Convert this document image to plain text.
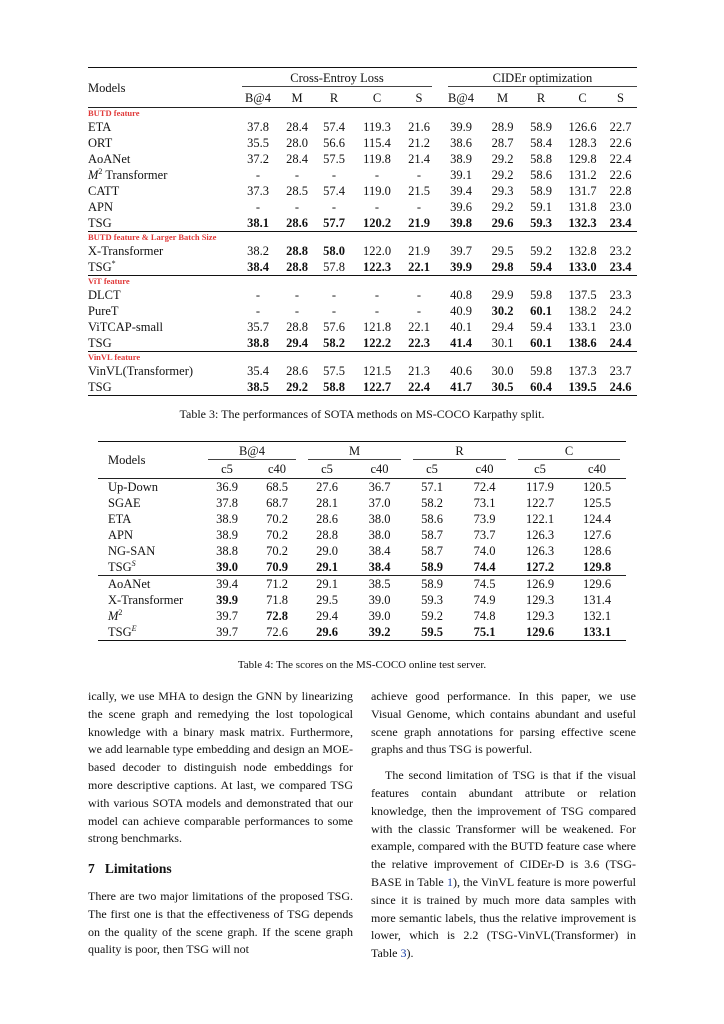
Models	Cross-Entroy Loss					CIDEr optimization				

	B@4	M	R	C	S	B@4	M	R	C	S
BUTD feature										
ETA	37.8	28.4	57.4	119.3	21.6	39.9	28.9	58.9	126.6	22.7
ORT	35.5	28.0	56.6	115.4	21.2	38.6	28.7	58.4	128.3	22.6
AoANet	37.2	28.4	57.5	119.8	21.4	38.9	29.2	58.8	129.8	22.4
$M^2$ Transformer	-	-	-	-	-	39.1	29.2	58.6	131.2	22.6
CATT	37.3	28.5	57.4	119.0	21.5	39.4	29.3	58.9	131.7	22.8
APN	-	-	-	-	-	39.6	29.2	59.1	131.8	23.0
TSG	38.1	28.6	57.7	120.2	21.9	39.8	29.6	59.3	132.3	23.4
BUTD feature & Larger Batch Size										
X-Transformer	38.2	28.8	58.0	122.0	21.9	39.7	29.5	59.2	132.8	23.2
TSG*	38.4	28.8	57.8	122.3	22.1	39.9	29.8	59.4	133.0	23.4
ViT feature										
DLCT	-	-	-	-	-	40.8	29.9	59.8	137.5	23.3
PureT	-	-	-	-	-	40.9	30.2	60.1	138.2	24.2
ViTCAP-small	35.7	28.8	57.6	121.8	22.1	40.1	29.4	59.4	133.1	23.0
TSG	38.8	29.4	58.2	122.2	22.3	41.4	30.1	60.1	138.6	24.4
VinVL feature										
VinVL(Transformer)	35.4	28.6	57.5	121.5	21.3	40.6	30.0	59.8	137.3	23.7
TSG	38.5	29.2	58.8	122.7	22.4	41.7	30.5	60.4	139.5	24.6
Table 3: The performances of SOTA methods on MS-COCO Karpathy split.
Models	B@4		M		R		C	

	c5	c40	c5	c40	c5	c40	c5	c40
Up-Down	36.9	68.5	27.6	36.7	57.1	72.4	117.9	120.5
SGAE	37.8	68.7	28.1	37.0	58.2	73.1	122.7	125.5
ETA	38.9	70.2	28.6	38.0	58.6	73.9	122.1	124.4
APN	38.9	70.2	28.8	38.0	58.7	73.7	126.3	127.6
NG-SAN	38.8	70.2	29.0	38.4	58.7	74.0	126.3	128.6
$TSG^S$	39.0	70.9	29.1	38.4	58.9	74.4	127.2	129.8
AoANet	39.4	71.2	29.1	38.5	58.9	74.5	126.9	129.6
X-Transformer	39.9	71.8	29.5	39.0	59.3	74.9	129.3	131.4
$M^2$	39.7	72.8	29.4	39.0	59.2	74.8	129.3	132.1
$TSG^E$	39.7	72.6	29.6	39.2	59.5	75.1	129.6	133.1
Table 4: The scores on the MS-COCO online test server.

ically, we use MHA to design the GNN by linearizing the scene graph and remedying the lost topological knowledge with a binary mask matrix. Furthermore, we add learnable type embedding and design an MOE-based decoder to distinguish node embeddings for more descriptive captions. At last, we compared TSG with various SOTA models and demonstrated that our model can achieve comparable performances to some strong benchmarks.

7 Limitations

There are two major limitations of the proposed TSG. The first one is that the effectiveness of TSG depends on the quality of the scene graph. If the scene graph quality is poor, then TSG will not

achieve good performance. In this paper, we use Visual Genome, which contains abundant and useful scene graph annotations for parsing effective scene graphs and thus TSG is powerful.

The second limitation of TSG is that if the visual features contain abundant attribute or relation knowledge, then the improvement of TSG compared with the classic Transformer will be weakened. For example, compared with the BUTD feature case where the relative improvement of CIDEr-D is 3.6 (TSG-BASE in Table 1), the VinVL feature is more powerful since it is trained by much more data samples with more semantic labels, thus the relative improvement is lower, which is 2.2 (TSG-VinVL(Transformer) in Table 3).
